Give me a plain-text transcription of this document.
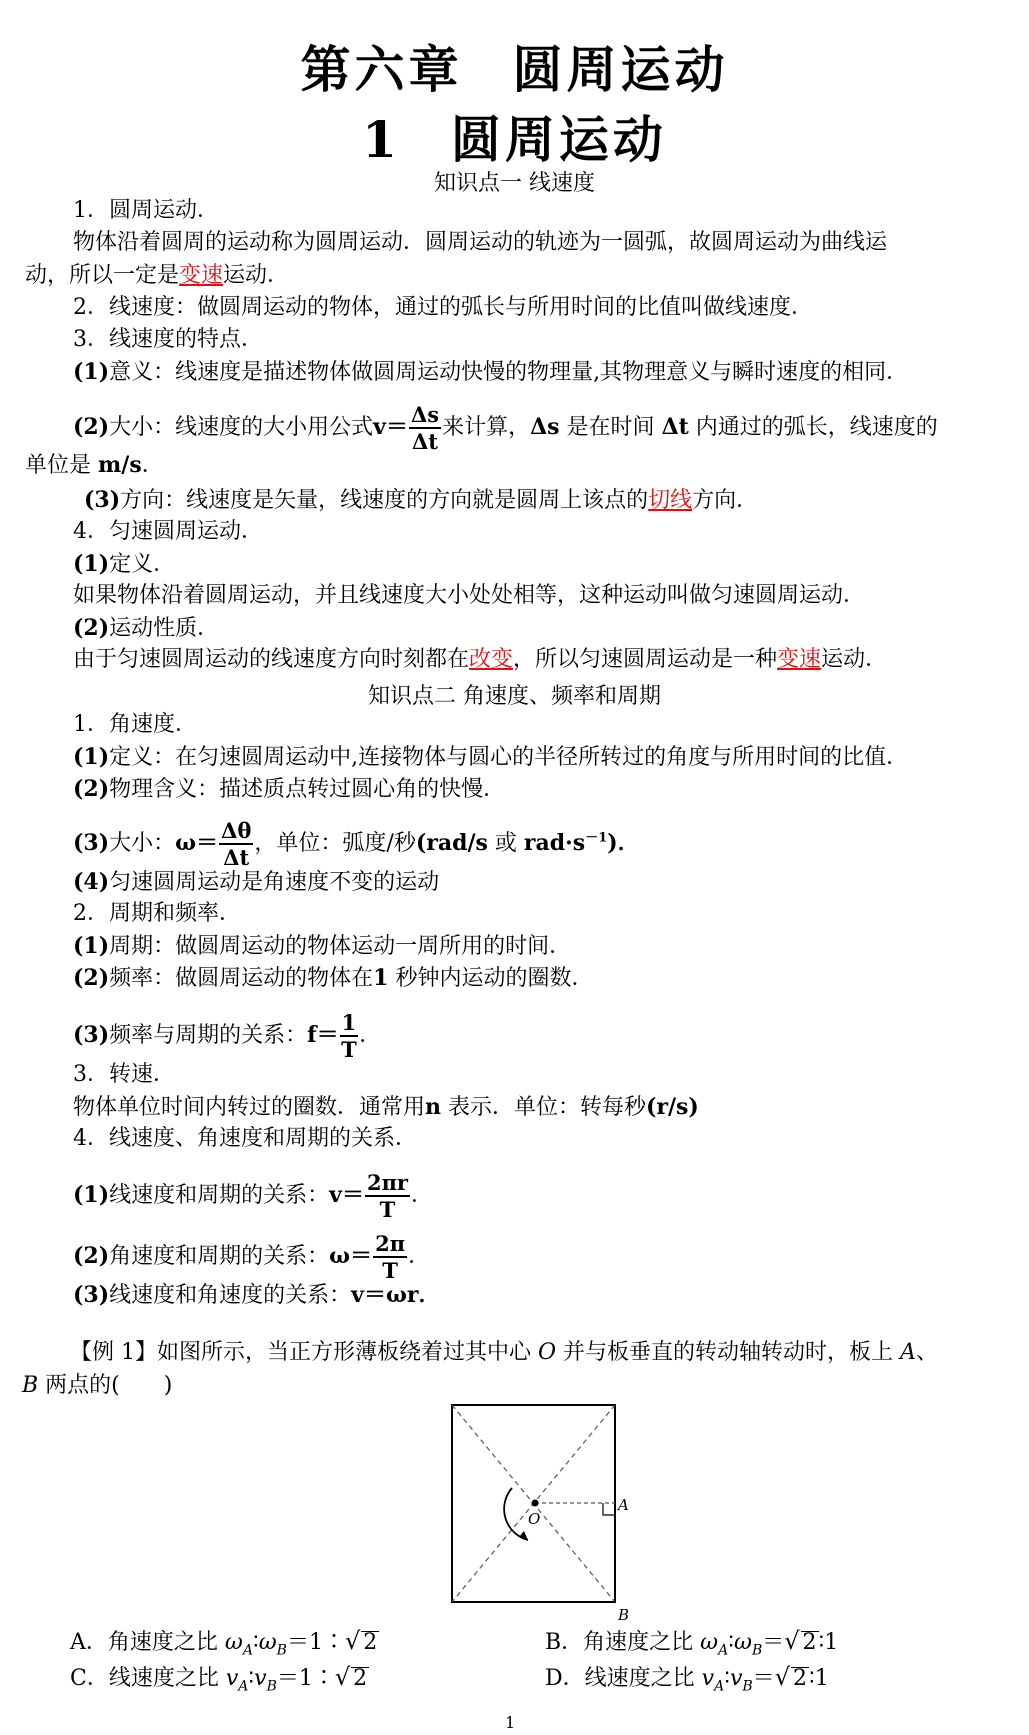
第六章 圆周运动
1 圆周运动
知识点一 线速度
1．圆周运动．
物体沿着圆周的运动称为圆周运动．圆周运动的轨迹为一圆弧，故圆周运动为曲线运
动，所以一定是变速运动．
2．线速度：做圆周运动的物体，通过的弧长与所用时间的比值叫做线速度．
3．线速度的特点．
(1)意义：线速度是描述物体做圆周运动快慢的物理量,其物理意义与瞬时速度的相同．
(2)大小：线速度的大小用公式$v= \frac{\Delta s}{\Delta t}$ 来计算，Δs 是在时间 Δt 内通过的弧长，线速度的
单位是 m/s．
(3)方向：线速度是矢量，线速度的方向就是圆周上该点的切线方向．
4．匀速圆周运动．
(1)定义．
如果物体沿着圆周运动，并且线速度大小处处相等，这种运动叫做匀速圆周运动．
(2)运动性质．
由于匀速圆周运动的线速度方向时刻都在改变，所以匀速圆周运动是一种变速运动．
知识点二 角速度、频率和周期
1．角速度．
(1)定义：在匀速圆周运动中,连接物体与圆心的半径所转过的角度与所用时间的比值．
(2)物理含义：描述质点转过圆心角的快慢．
(3)大小：$\omega= \frac{\Delta\theta}{\Delta t}$ ，单位：弧度/秒(rad/s 或 $rad\cdot s^{-1}$)．
(4)匀速圆周运动是角速度不变的运动
2．周期和频率．
(1)周期：做圆周运动的物体运动一周所用的时间．
(2)频率：做圆周运动的物体在1 秒钟内运动的圈数．
(3)频率与周期的关系：$f= \frac{1}{T}$ ．
3．转速．
物体单位时间内转过的圈数．通常用n 表示．单位：转每秒(r/s)
4．线速度、角速度和周期的关系．
(1)线速度和周期的关系：$v= \frac{2\pi r}{T}$ ．
(2)角速度和周期的关系：$\omega= \frac{2\pi}{T}$ ．
(3)线速度和角速度的关系：v＝ωr．
【例 1】如图所示，当正方形薄板绕着过其中心 O 并与板垂直的转动轴转动时，板上 A、
B 两点的(　　)
O
A
B
A．角速度之比 $\omega_A∶\omega_B=1∶√$ 2	B．角速度之比 $\omega_A∶\omega_B=√$ 2∶1
C．线速度之比 $v_A∶v_B=1∶√$ 2	D．线速度之比 $v_A∶v_B=√$ 2∶1
1
